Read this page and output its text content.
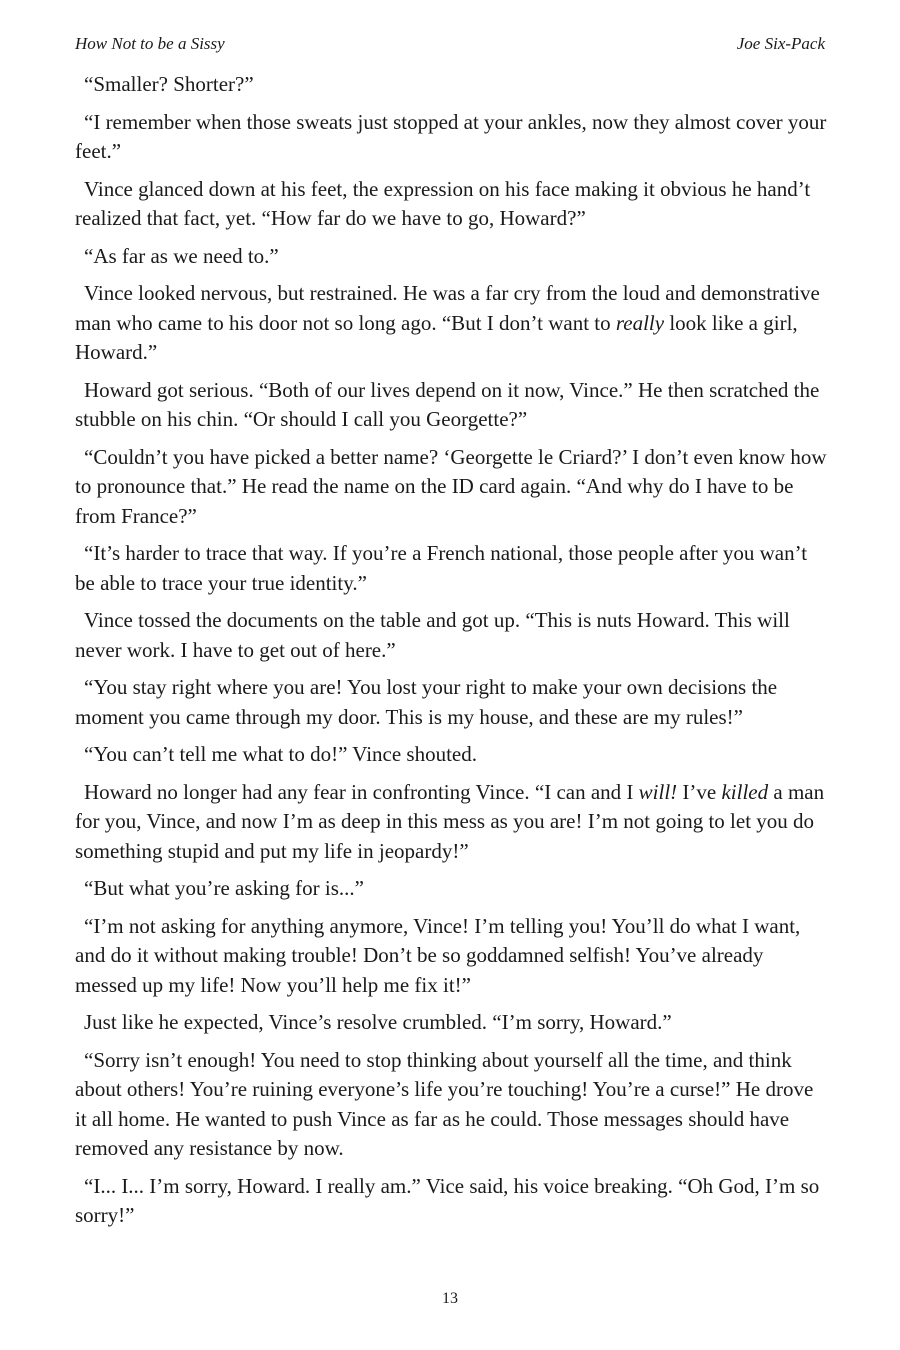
How Not to be a Sissy	Joe Six-Pack

“Smaller? Shorter?”

“I remember when those sweats just stopped at your ankles, now they almost cover your feet.”

Vince glanced down at his feet, the expression on his face making it obvious he hand’t realized that fact, yet. “How far do we have to go, Howard?”

“As far as we need to.”

Vince looked nervous, but restrained. He was a far cry from the loud and demonstrative man who came to his door not so long ago. “But I don’t want to really look like a girl, Howard.”

Howard got serious. “Both of our lives depend on it now, Vince.” He then scratched the stubble on his chin. “Or should I call you Georgette?”

“Couldn’t you have picked a better name? ‘Georgette le Criard?’ I don’t even know how to pronounce that.” He read the name on the ID card again. “And why do I have to be from France?”

“It’s harder to trace that way. If you’re a French national, those people after you wan’t be able to trace your true identity.”

Vince tossed the documents on the table and got up. “This is nuts Howard. This will never work. I have to get out of here.”

“You stay right where you are! You lost your right to make your own decisions the moment you came through my door. This is my house, and these are my rules!”

“You can’t tell me what to do!” Vince shouted.

Howard no longer had any fear in confronting Vince. “I can and I will! I’ve killed a man for you, Vince, and now I’m as deep in this mess as you are! I’m not going to let you do something stupid and put my life in jeopardy!”

“But what you’re asking for is...”

“I’m not asking for anything anymore, Vince! I’m telling you! You’ll do what I want, and do it without making trouble! Don’t be so goddamned selfish! You’ve already messed up my life! Now you’ll help me fix it!”

Just like he expected, Vince’s resolve crumbled. “I’m sorry, Howard.”

“Sorry isn’t enough! You need to stop thinking about yourself all the time, and think about others! You’re ruining everyone’s life you’re touching! You’re a curse!” He drove it all home. He wanted to push Vince as far as he could. Those messages should have removed any resistance by now.

“I... I... I’m sorry, Howard. I really am.” Vice said, his voice breaking. “Oh God, I’m so sorry!”

13
